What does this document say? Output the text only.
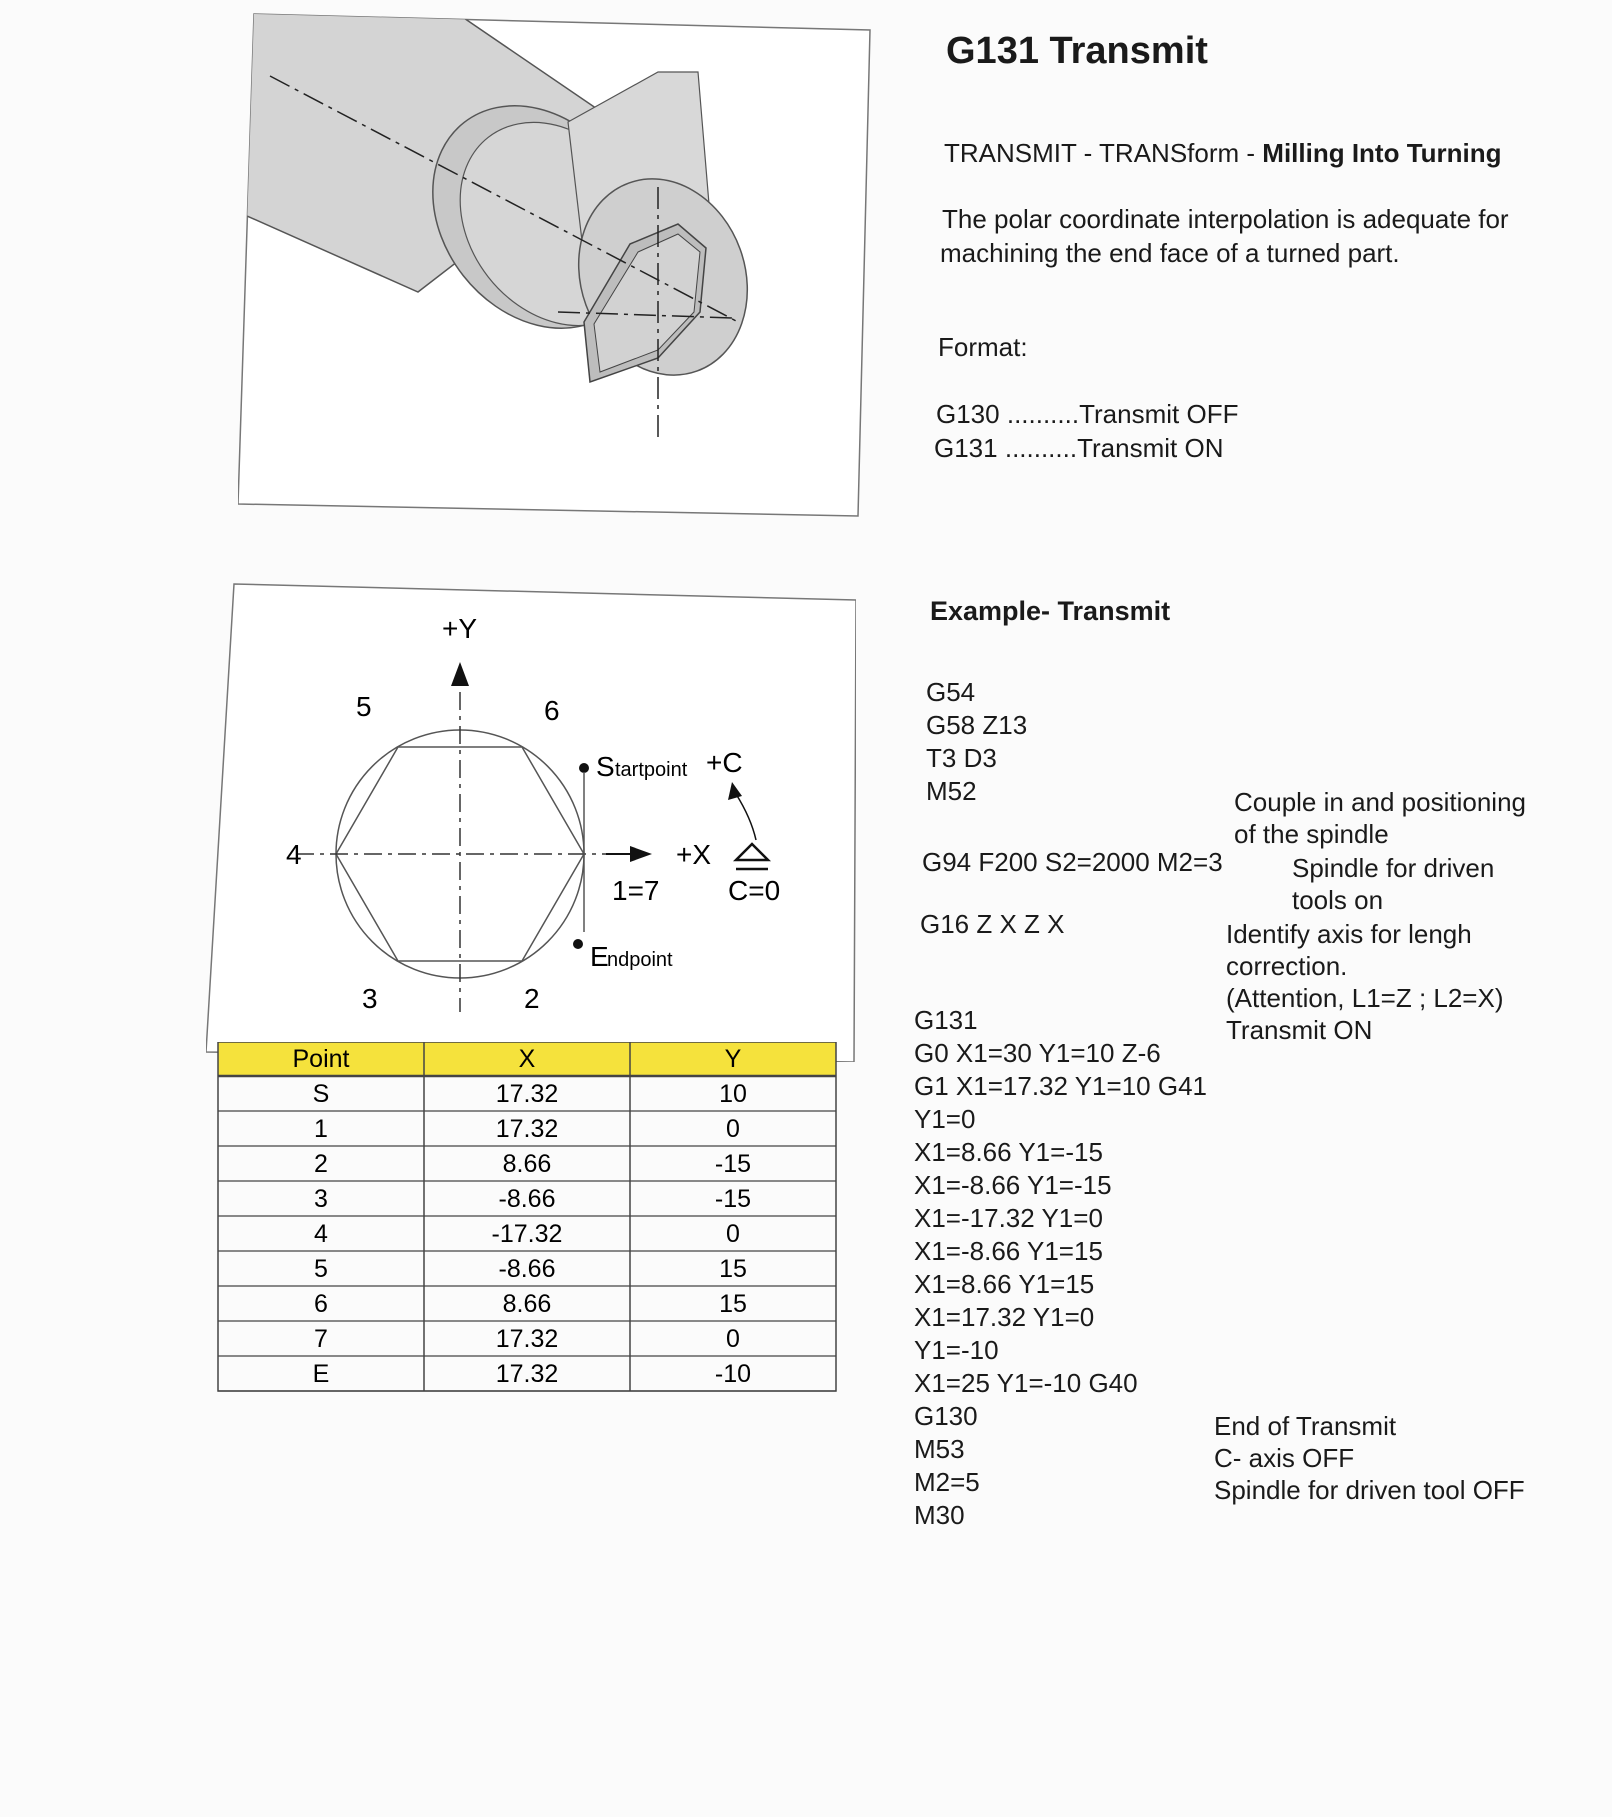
+Y
5	6
4
3	2
S tartpoint +C
+X
1=7 C=0
E
ndpoint
Point	X	Y
S	17.32	10
1	17.32	0
2	8.66	-15
3	-8.66	-15
4	-17.32	0
5	-8.66	15
6	8.66	15
7	17.32	0
E	17.32	-10
G131 Transmit
TRANSMIT - TRANSform - Milling Into Turning
The polar coordinate interpolation is adequate for
machining the end face of a turned part.
Format:
G130 ..........Transmit OFF
G131 ..........Transmit ON
Example- Transmit
G54
G58 Z13
T3 D3
M52
G94 F200 S2=2000 M2=3
G16 Z X Z X
G131
G0 X1=30 Y1=10 Z-6
G1 X1=17.32 Y1=10 G41
Y1=0
X1=8.66 Y1=-15
X1=-8.66 Y1=-15
X1=-17.32 Y1=0
X1=-8.66 Y1=15
X1=8.66 Y1=15
X1=17.32 Y1=0
Y1=-10
X1=25 Y1=-10 G40
G130
M53
M2=5
M30
Couple in and positioning
of the spindle
Spindle for driven
tools on
Identify axis for lengh
correction.
(Attention, L1=Z ; L2=X)
Transmit ON
End of Transmit
C- axis OFF
Spindle for driven tool OFF
